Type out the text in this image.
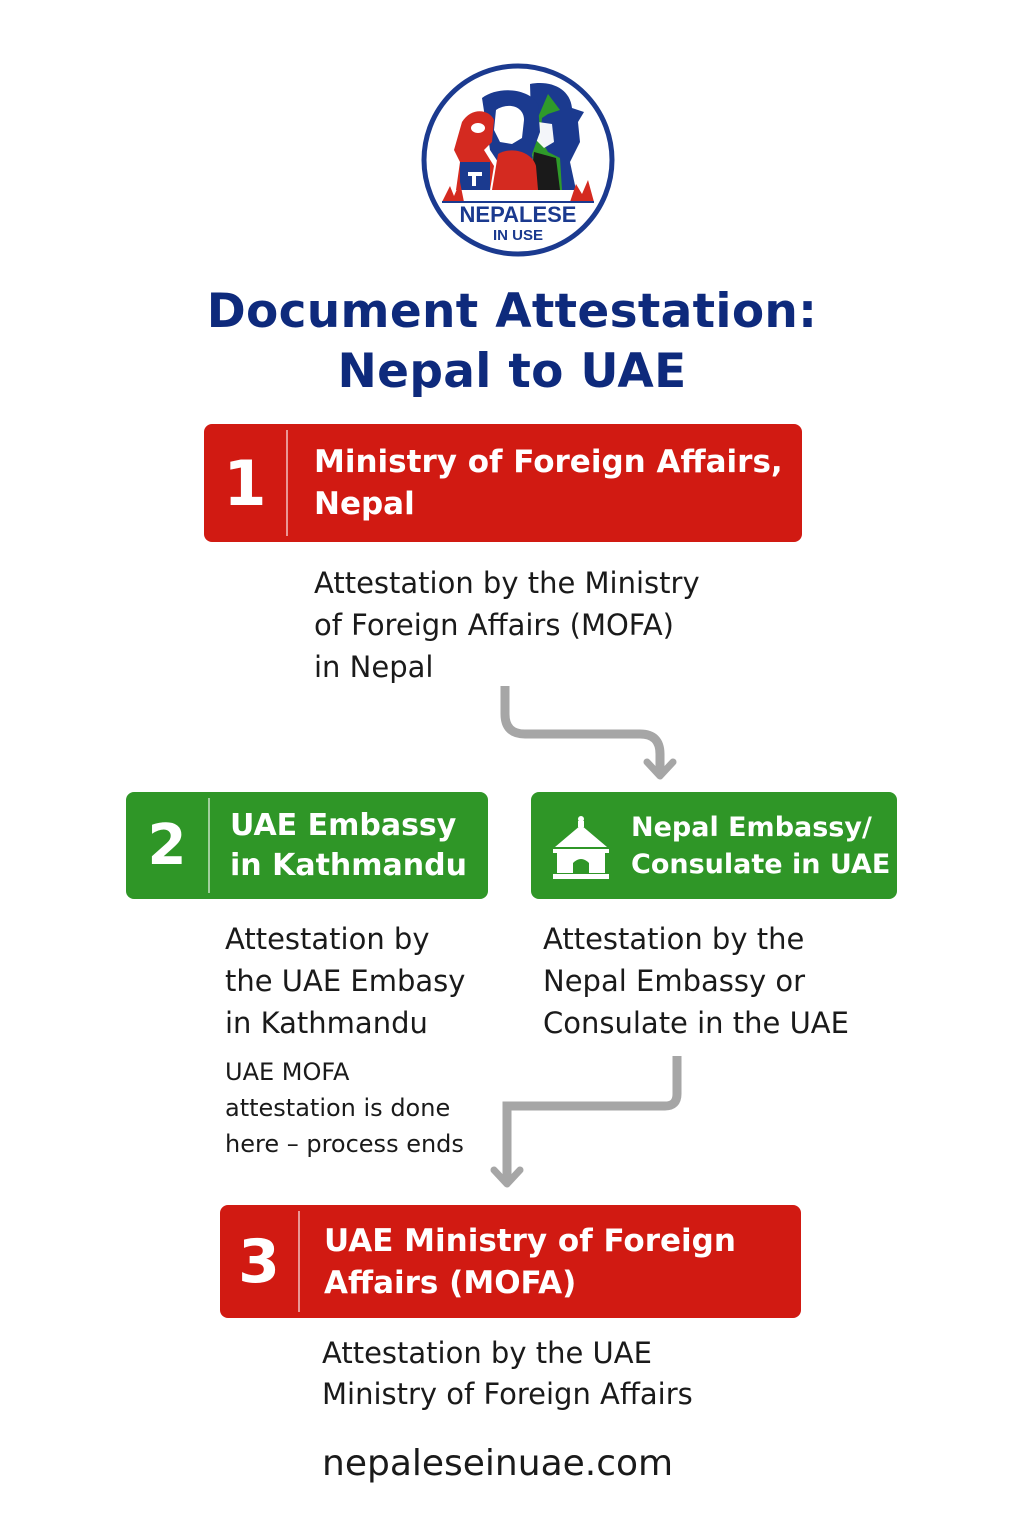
NEPALESE
IN USE
Document Attestation:
Nepal to UAE
1	Ministry of Foreign Affairs,
Nepal
Attestation by the Ministry
of Foreign Affairs (MOFA)
in Nepal
2	UAE Embassy
in Kathmandu
Attestation by
the UAE Embasy
in Kathmandu
UAE MOFA
attestation is done
here – process ends
Nepal Embassy/
Consulate in UAE
Attestation by the
Nepal Embassy or
Consulate in the UAE
3	UAE Ministry of Foreign
Affairs (MOFA)
Attestation by the UAE
Ministry of Foreign Affairs
nepaleseinuae.com
